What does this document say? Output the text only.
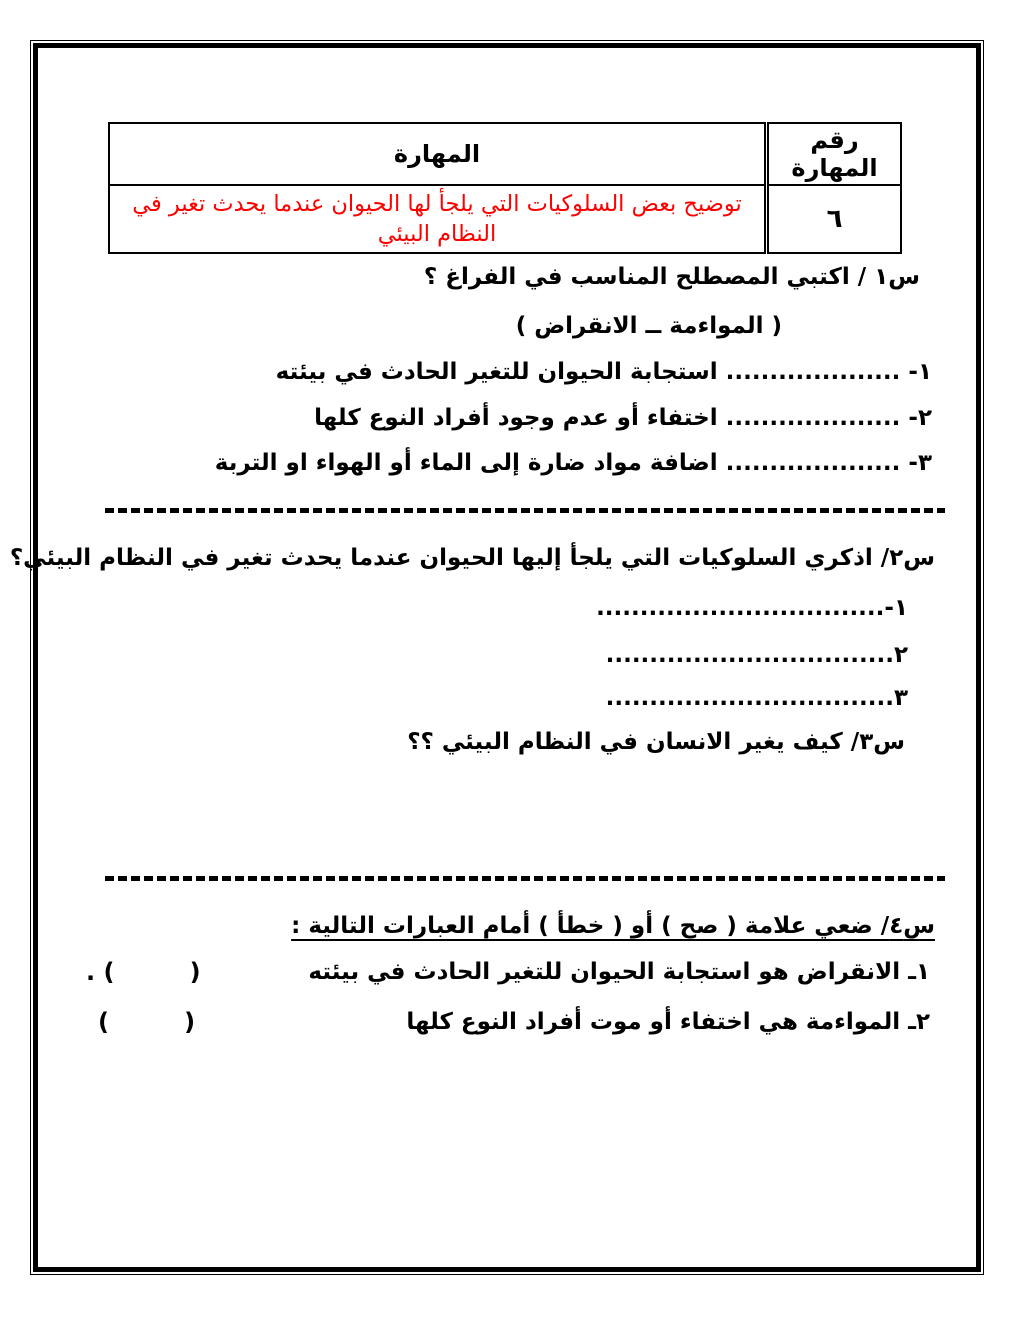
رقم المهارة	المهارة
٦	توضيح بعض السلوكيات التي يلجأ لها الحيوان عندما يحدث تغير في النظام البيئي
س١ / اكتبي المصطلح المناسب في الفراغ ؟
( المواءمة ــ الانقراض )
١- .................... استجابة الحيوان للتغير الحادث في بيئته
٢- .................... اختفاء أو عدم وجود أفراد النوع كلها
٣- .................... اضافة مواد ضارة إلى الماء أو الهواء او التربة
س٢/ اذكري السلوكيات التي يلجأ إليها الحيوان عندما يحدث تغير في النظام البيئي؟
١-.................................
٢.................................
٣.................................
س٣/ كيف يغير الانسان في النظام البيئي ؟؟
س٤/ ضعي علامة ( صح ) أو ( خطأ ) أمام العبارات التالية :
١ـ الانقراض هو استجابة الحيوان للتغير الحادث في بيئته
. (         )
٢ـ المواءمة هي اختفاء أو موت أفراد النوع كلها
(         )
